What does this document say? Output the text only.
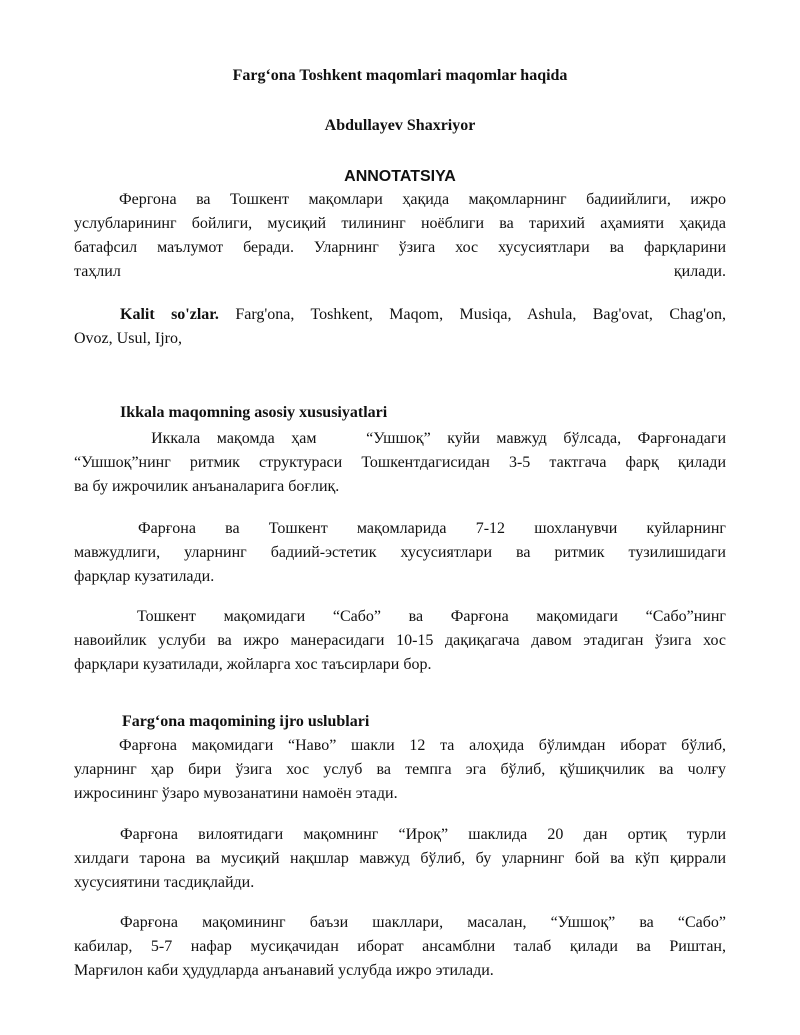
Farg‘ona Toshkent maqomlari maqomlar haqida
Abdullayev Shaxriyor
ANNOTATSIYA
Фергона ва Тошкент мақомлари ҳақида мақомларнинг бадиийлиги, ижро
услубларининг бойлиги, мусиқий тилининг ноёблиги ва тарихий аҳамияти ҳақида
батафсил маълумот беради. Уларнинг ўзига хос хусусиятлари ва фарқларини
таҳлил                                                                       қилади.
Kalit so'zlar. Farg'ona, Toshkent, Maqom, Musiqa, Ashula, Bag'ovat, Chag'on,
Ovoz, Usul, Ijro,
Ikkala maqomning asosiy xususiyatlari
Иккала мақомда ҳам   “Ушшоқ” куйи мавжуд бўлсада, Фарғонадаги
“Ушшоқ”нинг ритмик структураси Тошкентдагисидан 3-5 тактгача фарқ қилади
ва бу ижрочилик анъаналарига боғлиқ.
Фарғона ва Тошкент мақомларида 7-12 шохланувчи куйларнинг
мавжудлиги, уларнинг бадиий-эстетик хусусиятлари ва ритмик тузилишидаги
фарқлар кузатилади.
Тошкент мақомидаги “Сабо” ва Фарғона мақомидаги “Сабо”нинг
навоийлик услуби ва ижро манерасидаги 10-15 дақиқагача давом этадиган ўзига хос
фарқлари кузатилади, жойларга хос таъсирлари бор.
Farg‘ona maqomining ijro uslublari
Фарғона мақомидаги “Наво” шакли 12 та алоҳида бўлимдан иборат бўлиб,
уларнинг ҳар бири ўзига хос услуб ва темпга эга бўлиб, қўшиқчилик ва чолғу
ижросининг ўзаро мувозанатини намоён этади.
Фарғона вилоятидаги мақомнинг “Ироқ” шаклида 20 дан ортиқ турли
хилдаги тарона ва мусиқий нақшлар мавжуд бўлиб, бу уларнинг бой ва кўп қиррали
хусусиятини тасдиқлайди.
Фарғона мақомининг баъзи шакллари, масалан, “Ушшоқ” ва “Сабо”
кабилар, 5-7 нафар мусиқачидан иборат ансамблни талаб қилади ва Риштан,
Марғилон каби ҳудудларда анъанавий услубда ижро этилади.
